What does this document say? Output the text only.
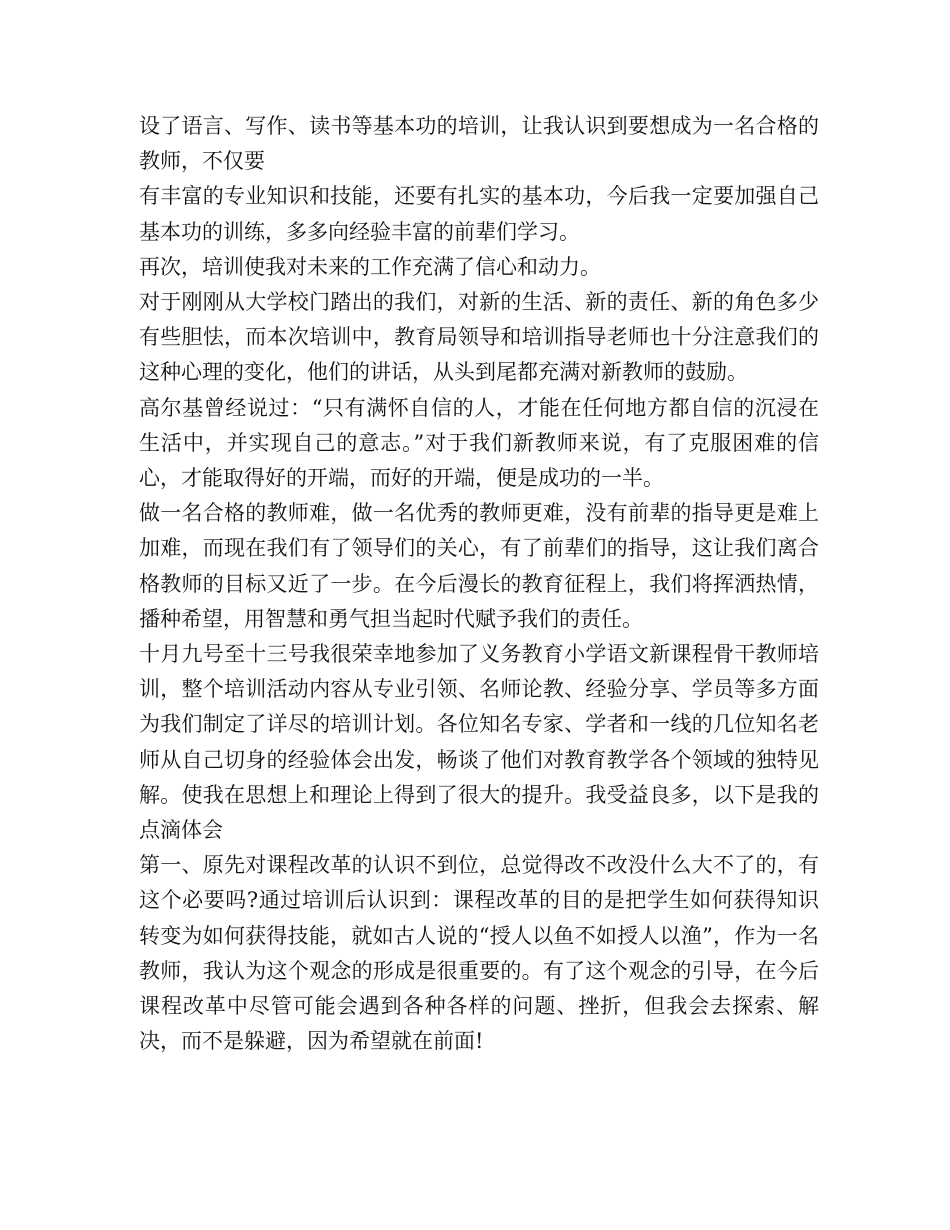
设了语言、写作、读书等基本功的培训，让我认识到要想成为一名合格的教师，不仅要

有丰富的专业知识和技能，还要有扎实的基本功，今后我一定要加强自己基本功的训练，多多向经验丰富的前辈们学习。

再次，培训使我对未来的工作充满了信心和动力。

对于刚刚从大学校门踏出的我们，对新的生活、新的责任、新的角色多少有些胆怯，而本次培训中，教育局领导和培训指导老师也十分注意我们的这种心理的变化，他们的讲话，从头到尾都充满对新教师的鼓励。

高尔基曾经说过：“只有满怀自信的人，才能在任何地方都自信的沉浸在生活中，并实现自己的意志。”对于我们新教师来说，有了克服困难的信心，才能取得好的开端，而好的开端，便是成功的一半。

做一名合格的教师难，做一名优秀的教师更难，没有前辈的指导更是难上加难，而现在我们有了领导们的关心，有了前辈们的指导，这让我们离合格教师的目标又近了一步。在今后漫长的教育征程上，我们将挥洒热情，播种希望，用智慧和勇气担当起时代赋予我们的责任。

十月九号至十三号我很荣幸地参加了义务教育小学语文新课程骨干教师培训，整个培训活动内容从专业引领、名师论教、经验分享、学员等多方面为我们制定了详尽的培训计划。各位知名专家、学者和一线的几位知名老师从自己切身的经验体会出发，畅谈了他们对教育教学各个领域的独特见解。使我在思想上和理论上得到了很大的提升。我受益良多，以下是我的点滴体会

第一、原先对课程改革的认识不到位，总觉得改不改没什么大不了的，有这个必要吗?通过培训后认识到：课程改革的目的是把学生如何获得知识转变为如何获得技能，就如古人说的“授人以鱼不如授人以渔”，作为一名教师，我认为这个观念的形成是很重要的。有了这个观念的引导，在今后课程改革中尽管可能会遇到各种各样的问题、挫折，但我会去探索、解决，而不是躲避，因为希望就在前面!
